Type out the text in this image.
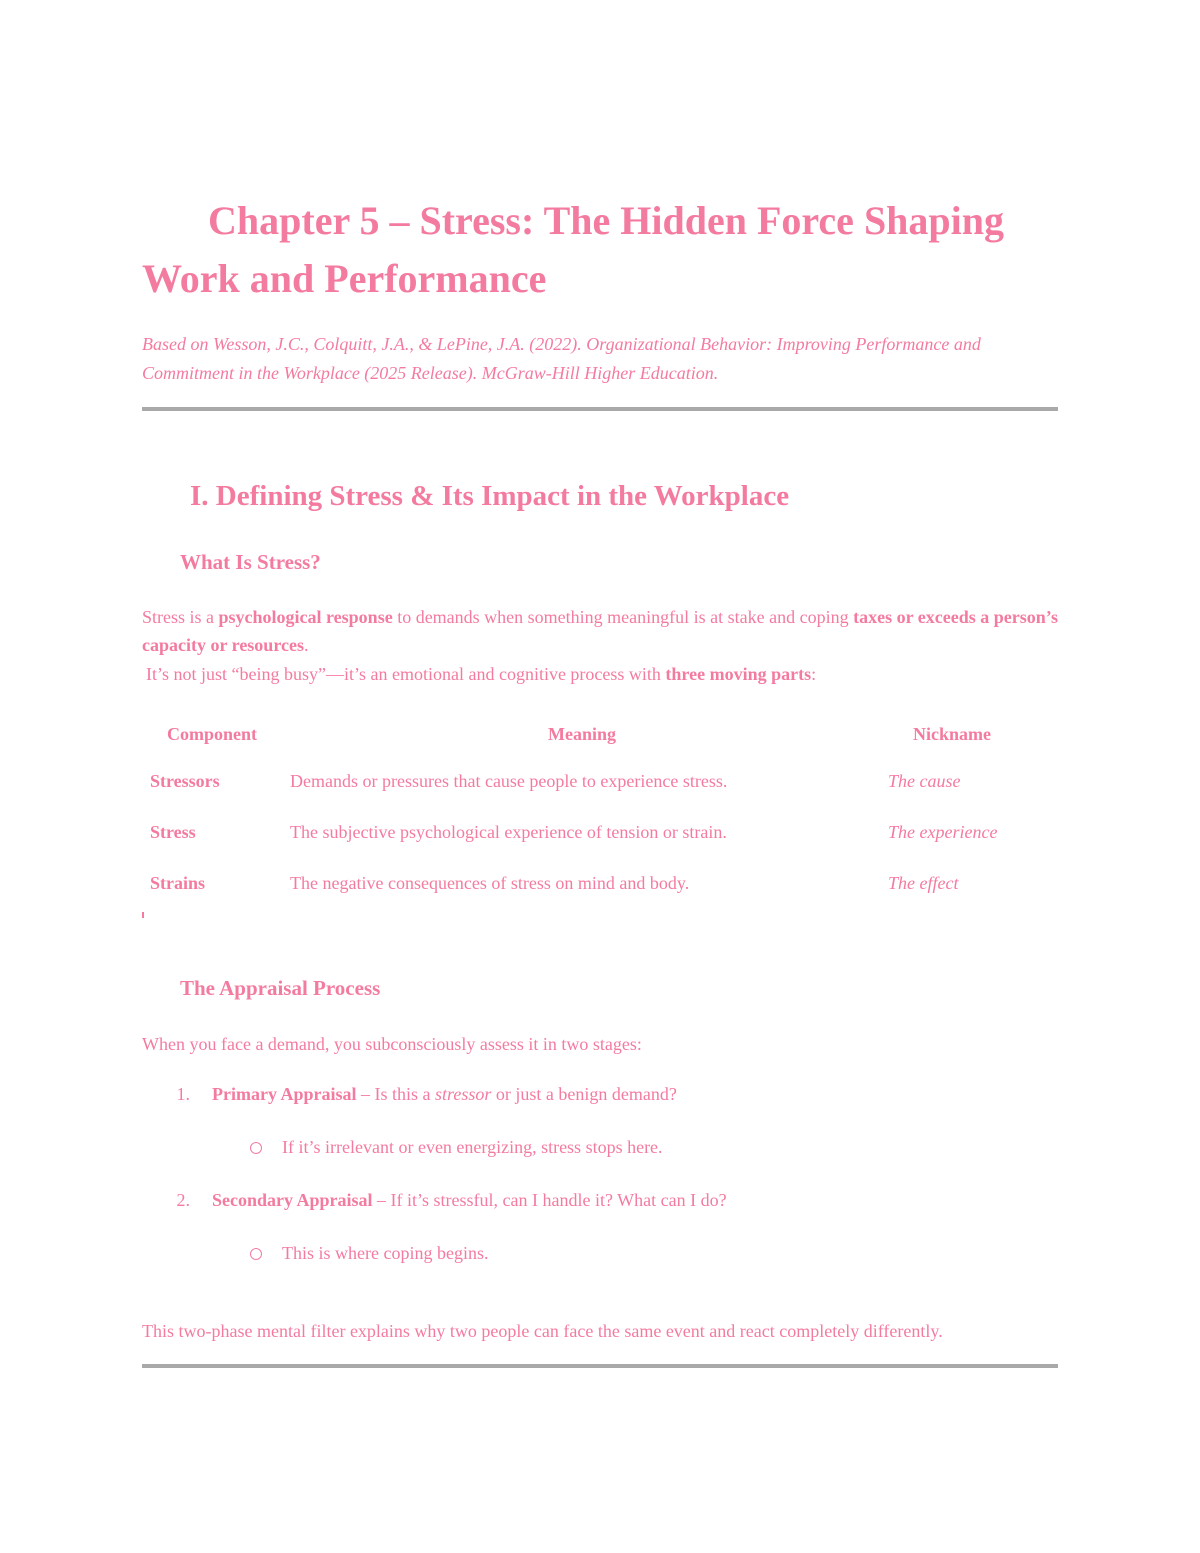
Chapter 5 – Stress: The Hidden Force Shaping Work and Performance

Based on Wesson, J.C., Colquitt, J.A., & LePine, J.A. (2022). Organizational Behavior: Improving Performance and Commitment in the Workplace (2025 Release). McGraw-Hill Higher Education.

I. Defining Stress & Its Impact in the Workplace
What Is Stress?

Stress is a psychological response to demands when something meaningful is at stake and coping taxes or exceeds a person’s capacity or resources.

It’s not just “being busy”—it’s an emotional and cognitive process with three moving parts:

Component	Meaning	Nickname
Stressors	Demands or pressures that cause people to experience stress.	The cause
Stress	The subjective psychological experience of tension or strain.	The experience
Strains	The negative consequences of stress on mind and body.	The effect
The Appraisal Process

When you face a demand, you subconsciously assess it in two stages:

1. Primary Appraisal – Is this a stressor or just a benign demand?
If it’s irrelevant or even energizing, stress stops here.
2. Secondary Appraisal – If it’s stressful, can I handle it? What can I do?
This is where coping begins.

This two-phase mental filter explains why two people can face the same event and react completely differently.
